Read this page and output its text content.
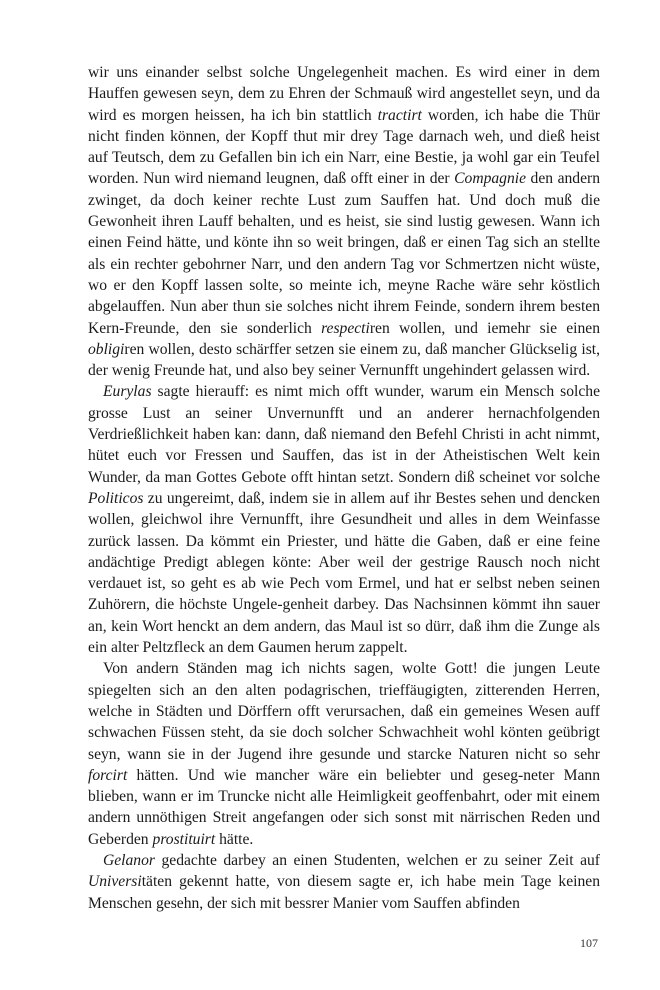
wir uns einander selbst solche Ungelegenheit machen. Es wird einer in dem Hauffen gewesen seyn, dem zu Ehren der Schmauß wird angestellet seyn, und da wird es morgen heissen, ha ich bin stattlich tractirt worden, ich habe die Thür nicht finden können, der Kopff thut mir drey Tage darnach weh, und dieß heist auf Teutsch, dem zu Gefallen bin ich ein Narr, eine Bestie, ja wohl gar ein Teufel worden. Nun wird niemand leugnen, daß offt einer in der Compagnie den andern zwinget, da doch keiner rechte Lust zum Sauffen hat. Und doch muß die Gewonheit ihren Lauff behalten, und es heist, sie sind lustig gewesen. Wann ich einen Feind hätte, und könte ihn so weit bringen, daß er einen Tag sich an stellte als ein rechter gebohrner Narr, und den andern Tag vor Schmertzen nicht wüste, wo er den Kopff lassen solte, so meinte ich, meyne Rache wäre sehr köstlich abgelauffen. Nun aber thun sie solches nicht ihrem Feinde, sondern ihrem besten Kern-Freunde, den sie sonderlich respectiren wollen, und iemehr sie einen obligiren wollen, desto schärffer setzen sie einem zu, daß mancher Glückselig ist, der wenig Freunde hat, und also bey seiner Vernunfft ungehindert gelassen wird.

Eurylas sagte hierauff: es nimt mich offt wunder, warum ein Mensch solche grosse Lust an seiner Unvernunfft und an anderer hernachfolgenden Verdrießlichkeit haben kan: dann, daß niemand den Befehl Christi in acht nimmt, hütet euch vor Fressen und Sauffen, das ist in der Atheistischen Welt kein Wunder, da man Gottes Gebote offt hintan setzt. Sondern diß scheinet vor solche Politicos zu ungereimt, daß, indem sie in allem auf ihr Bestes sehen und dencken wollen, gleichwol ihre Vernunfft, ihre Gesundheit und alles in dem Weinfasse zurück lassen. Da kömmt ein Priester, und hätte die Gaben, daß er eine feine andächtige Predigt ablegen könte: Aber weil der gestrige Rausch noch nicht verdauet ist, so geht es ab wie Pech vom Ermel, und hat er selbst neben seinen Zuhörern, die höchste Ungele-genheit darbey. Das Nachsinnen kömmt ihn sauer an, kein Wort henckt an dem andern, das Maul ist so dürr, daß ihm die Zunge als ein alter Peltzfleck an dem Gaumen herum zappelt.

Von andern Ständen mag ich nichts sagen, wolte Gott! die jungen Leute spiegelten sich an den alten podagrischen, trieffäugigten, zitterenden Herren, welche in Städten und Dörffern offt verursachen, daß ein gemeines Wesen auff schwachen Füssen steht, da sie doch solcher Schwachheit wohl könten geübrigt seyn, wann sie in der Jugend ihre gesunde und starcke Naturen nicht so sehr forcirt hätten. Und wie mancher wäre ein beliebter und geseg-neter Mann blieben, wann er im Truncke nicht alle Heimligkeit geoffenbahrt, oder mit einem andern unnöthigen Streit angefangen oder sich sonst mit närrischen Reden und Geberden prostituirt hätte.

Gelanor gedachte darbey an einen Studenten, welchen er zu seiner Zeit auf Universitäten gekennt hatte, von diesem sagte er, ich habe mein Tage keinen Menschen gesehn, der sich mit bessrer Manier vom Sauffen abfinden

107
